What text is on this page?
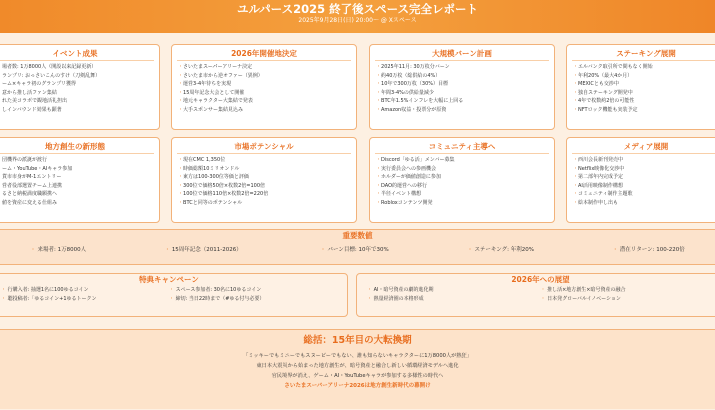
ユルパース2025 終了後スペース完全レポート
2025年9月28日(日) 20:00〜 @ Xスペース
イベント成果
・ 場者数: 1万8000人（開設以来記録更新）
・ ランプリ: おっさいこんのすけ（刀剣乱舞）
・ ーム×キャラ初のグランプリ獲得
・ 意から推し活ファン集結
・ れた美コラボで観地活礼担出
・ しインバウンド効果も顕著
2026年開催地決定
・ さいたまスーパーアリーナ決定
・ さいたま市から逆オファー（異例）
・ 運営3-4年待ちを実現
・ 15周年記念大会として開催
・ 地元キャラクター大集結で発表
・ 大手スポンサー集結見込み
大規模バーン計画
・ 2025年11月: 30万枚分バーン
・ 約40万枚（総供給の4%）
・ 10年で300万枚（30%）目標
・ 年間3-4%の供給量減少
・ BTC年1.5%インフレを大幅に上回る
・ Amazon収益・投票分が原資
ステーキング展開
・ エルバンク取引所で間もなく開始
・ 年利20%（最大4か月）
・ MEXICとも交渉中
・ 独自ステーキング開発中
・ 4年で枚数約2倍の可能性
・ NFTロック機能も実装予定
地方創生の新形態
・ 団機界の派誕が渡行
・ ーム・YouTube・AIキャラ参加
・ 貨市市身がM-1エントリー
・ 営者役部選置チーム上連携
・ るさと納税満度職願携へ
・ 値を資産に変える仕組み
市場ポテンシャル
・ 現在CMC 1,350位
・ 時価総額10ミリオンドル
・ 東方は100-300位等価と評価
・ 300位で価格50倍×枚数2倍=100倍
・ 100位で価格110倍×枚数2倍=220倍
・ BTCと同等のポテンシャル
コミュニティ主導へ
・ Discord「ゆる活」メンバー募集
・ 実行委員会への参画機会
・ ホルダーが価値創造に参加
・ DAO的運営への移行
・ 半径イベント構想
・ Robloxコンテンツ開発
メディア展開
・ 西川会長新刊発売中
・ Netflix映像化交渉中
・ 第二部年内完成予定
・ AI活用映像制作構想
・ コミュニティ制作主題歌
・ 絵本制作申し出も
重要数値
・ 来場者: 1万8000人	・ 15周年記念（2011-2026）	・ バーン目標: 10年で30%	・ ステーキング: 年利20%	・ 潜在リターン: 100-220倍
特典キャンペーン
・ 行購入者: 抽選1名に100ゆるコイン
・ 聴投稿者:「ゆるコイン+1ゆるトークン
・ スペース参加者: 30名に10ゆるコイン
・ 締切: 当日22時まで（#ゆる付与必要）
2026年への展望
・ AI・暗号資産の劇的進化期
・ 熱量経済圏の本格形成
・ 推し活×地方創生×暗号資産の融合
・ 日本発グローバルイノベーション
総括：15年目の大転換期

「ミッキーでもミニーでもスヌーピーでもない、誰も知らないキャラクターに1万8000人が熱狂」

東日本大震災から始まった地方創生が、暗号資産と融合し新しい循環経済モデルへ進化

官民境界が消え、ゲーム・AI・YouTubeキャラが参加する多様性の時代へ

さいたまスーパーアリーナ2026は地方創生新時代の幕開け
